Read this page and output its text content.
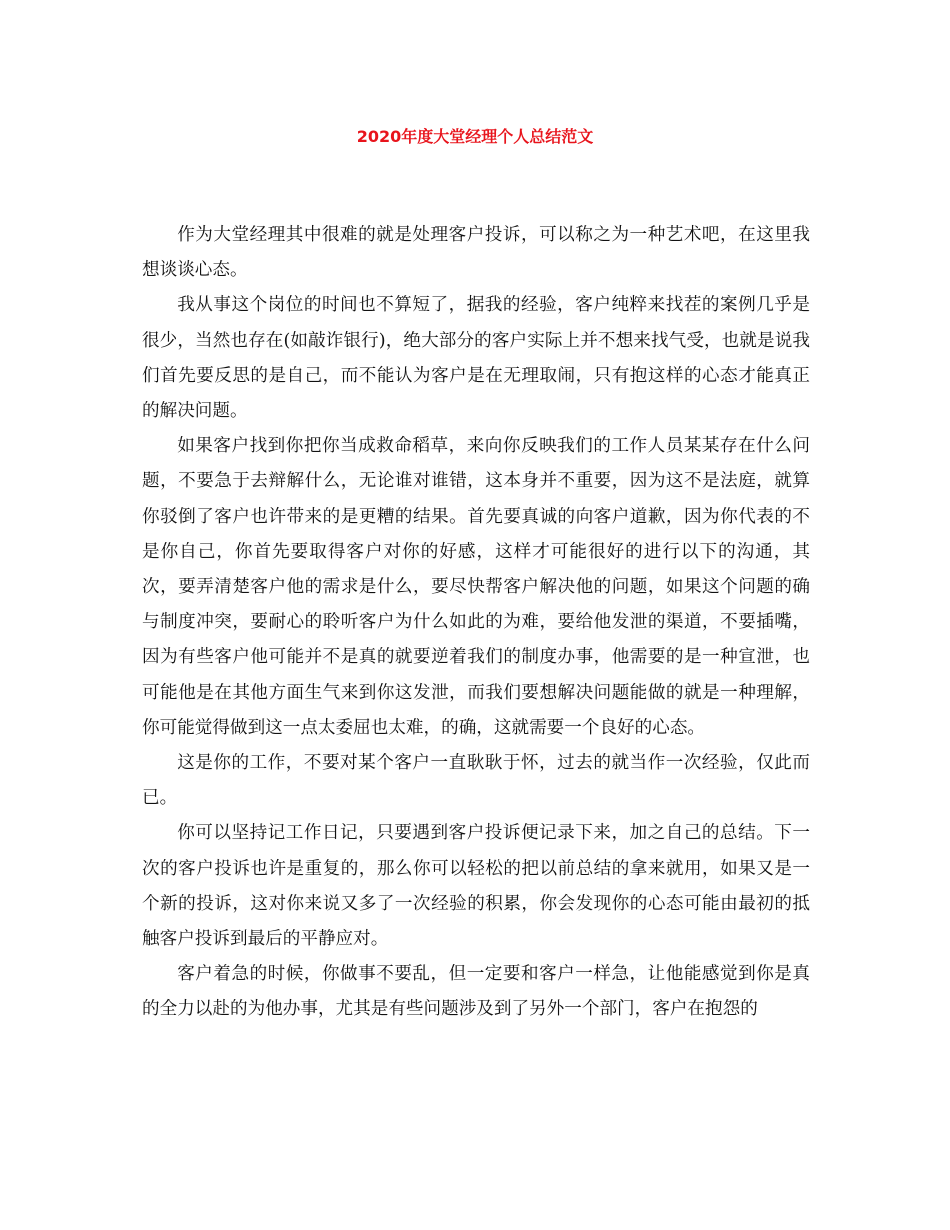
2020年度大堂经理个人总结范文

作为大堂经理其中很难的就是处理客户投诉，可以称之为一种艺术吧，在这里我想谈谈心态。

我从事这个岗位的时间也不算短了，据我的经验，客户纯粹来找茬的案例几乎是很少，当然也存在(如敲诈银行)，绝大部分的客户实际上并不想来找气受，也就是说我们首先要反思的是自己，而不能认为客户是在无理取闹，只有抱这样的心态才能真正的解决问题。

如果客户找到你把你当成救命稻草，来向你反映我们的工作人员某某存在什么问题，不要急于去辩解什么，无论谁对谁错，这本身并不重要，因为这不是法庭，就算你驳倒了客户也许带来的是更糟的结果。首先要真诚的向客户道歉，因为你代表的不是你自己，你首先要取得客户对你的好感，这样才可能很好的进行以下的沟通，其次，要弄清楚客户他的需求是什么，要尽快帮客户解决他的问题，如果这个问题的确与制度冲突，要耐心的聆听客户为什么如此的为难，要给他发泄的渠道，不要插嘴，因为有些客户他可能并不是真的就要逆着我们的制度办事，他需要的是一种宣泄，也可能他是在其他方面生气来到你这发泄，而我们要想解决问题能做的就是一种理解，你可能觉得做到这一点太委屈也太难，的确，这就需要一个良好的心态。

这是你的工作，不要对某个客户一直耿耿于怀，过去的就当作一次经验，仅此而已。

你可以坚持记工作日记，只要遇到客户投诉便记录下来，加之自己的总结。下一次的客户投诉也许是重复的，那么你可以轻松的把以前总结的拿来就用，如果又是一个新的投诉，这对你来说又多了一次经验的积累，你会发现你的心态可能由最初的抵触客户投诉到最后的平静应对。

客户着急的时候，你做事不要乱，但一定要和客户一样急，让他能感觉到你是真的全力以赴的为他办事，尤其是有些问题涉及到了另外一个部门，客户在抱怨的
